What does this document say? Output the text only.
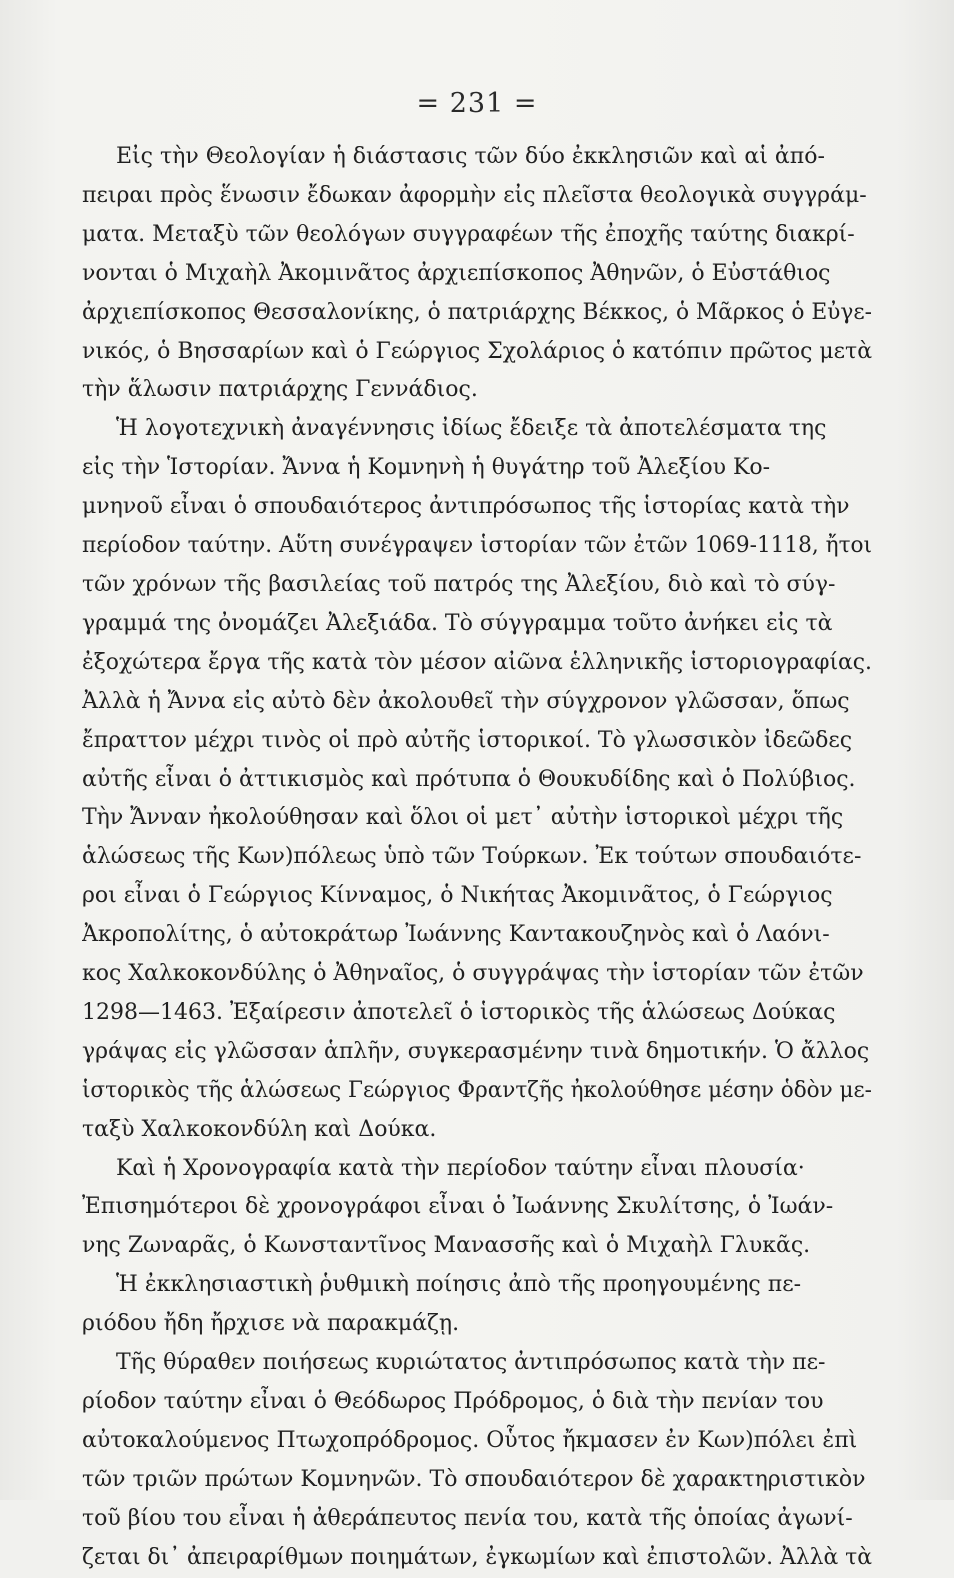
= 231 =
Εἰς τὴν Θεολογίαν ἡ διάστασις τῶν δύο ἐκκλησιῶν καὶ αἱ ἀπό-
πειραι πρὸς ἕνωσιν ἔδωκαν ἀφορμὴν εἰς πλεῖστα θεολογικὰ συγγράμ-
ματα. Μεταξὺ τῶν θεολόγων συγγραφέων τῆς ἐποχῆς ταύτης διακρί-
νονται ὁ Μιχαὴλ Ἀκομινᾶτος ἀρχιεπίσκοπος Ἀθηνῶν, ὁ Εὐστάθιος
ἀρχιεπίσκοπος Θεσσαλονίκης, ὁ πατριάρχης Βέκκος, ὁ Μᾶρκος ὁ Εὐγε-
νικός, ὁ Βησσαρίων καὶ ὁ Γεώργιος Σχολάριος ὁ κατόπιν πρῶτος μετὰ
τὴν ἅλωσιν πατριάρχης Γεννάδιος.
Ἡ λογοτεχνικὴ ἀναγέννησις ἰδίως ἔδειξε τὰ ἀποτελέσματα της
εἰς τὴν Ἱστορίαν. Ἄννα ἡ Κομνηνὴ ἡ θυγάτηρ τοῦ Ἀλεξίου Κο-
μνηνοῦ εἶναι ὁ σπουδαιότερος ἀντιπρόσωπος τῆς ἱστορίας κατὰ τὴν
περίοδον ταύτην. Αὕτη συνέγραψεν ἱστορίαν τῶν ἐτῶν 1069-1118, ἤτοι
τῶν χρόνων τῆς βασιλείας τοῦ πατρός της Ἀλεξίου, διὸ καὶ τὸ σύγ-
γραμμά της ὀνομάζει Ἀλεξιάδα. Τὸ σύγγραμμα τοῦτο ἀνήκει εἰς τὰ
ἐξοχώτερα ἔργα τῆς κατὰ τὸν μέσον αἰῶνα ἑλληνικῆς ἱστοριογραφίας.
Ἀλλὰ ἡ Ἄννα εἰς αὐτὸ δὲν ἀκολουθεῖ τὴν σύγχρονον γλῶσσαν, ὅπως
ἔπραττον μέχρι τινὸς οἱ πρὸ αὐτῆς ἱστορικοί. Τὸ γλωσσικὸν ἰδεῶδες
αὐτῆς εἶναι ὁ ἀττικισμὸς καὶ πρότυπα ὁ Θουκυδίδης καὶ ὁ Πολύβιος.
Τὴν Ἄνναν ἠκολούθησαν καὶ ὅλοι οἱ μετ᾽ αὐτὴν ἱστορικοὶ μέχρι τῆς
ἁλώσεως τῆς Κων)πόλεως ὑπὸ τῶν Τούρκων. Ἐκ τούτων σπουδαιότε-
ροι εἶναι ὁ Γεώργιος Κίνναμος, ὁ Νικήτας Ἀκομινᾶτος, ὁ Γεώργιος
Ἀκροπολίτης, ὁ αὐτοκράτωρ Ἰωάννης Καντακουζηνὸς καὶ ὁ Λαόνι-
κος Χαλκοκονδύλης ὁ Ἀθηναῖος, ὁ συγγράψας τὴν ἱστορίαν τῶν ἐτῶν
1298—1463. Ἐξαίρεσιν ἀποτελεῖ ὁ ἱστορικὸς τῆς ἁλώσεως Δούκας
γράψας εἰς γλῶσσαν ἁπλῆν, συγκερασμένην τινὰ δημοτικήν. Ὁ ἄλλος
ἱστορικὸς τῆς ἁλώσεως Γεώργιος Φραντζῆς ἠκολούθησε μέσην ὁδὸν με-
ταξὺ Χαλκοκονδύλη καὶ Δούκα.
Καὶ ἡ Χρονογραφία κατὰ τὴν περίοδον ταύτην εἶναι πλουσία·
Ἐπισημότεροι δὲ χρονογράφοι εἶναι ὁ Ἰωάννης Σκυλίτσης, ὁ Ἰωάν-
νης Ζωναρᾶς, ὁ Κωνσταντῖνος Μανασσῆς καὶ ὁ Μιχαὴλ Γλυκᾶς.
Ἡ ἐκκλησιαστικὴ ῥυθμικὴ ποίησις ἀπὸ τῆς προηγουμένης πε-
ριόδου ἤδη ἤρχισε νὰ παρακμάζῃ.
Τῆς θύραθεν ποιήσεως κυριώτατος ἀντιπρόσωπος κατὰ τὴν πε-
ρίοδον ταύτην εἶναι ὁ Θεόδωρος Πρόδρομος, ὁ διὰ τὴν πενίαν του
αὐτοκαλούμενος Πτωχοπρόδρομος. Οὗτος ἤκμασεν ἐν Κων)πόλει ἐπὶ
τῶν τριῶν πρώτων Κομνηνῶν. Τὸ σπουδαιότερον δὲ χαρακτηριστικὸν
τοῦ βίου του εἶναι ἡ ἀθεράπευτος πενία του, κατὰ τῆς ὁποίας ἀγωνί-
ζεται δι᾽ ἀπειραρίθμων ποιημάτων, ἐγκωμίων καὶ ἐπιστολῶν. Ἀλλὰ τὰ
